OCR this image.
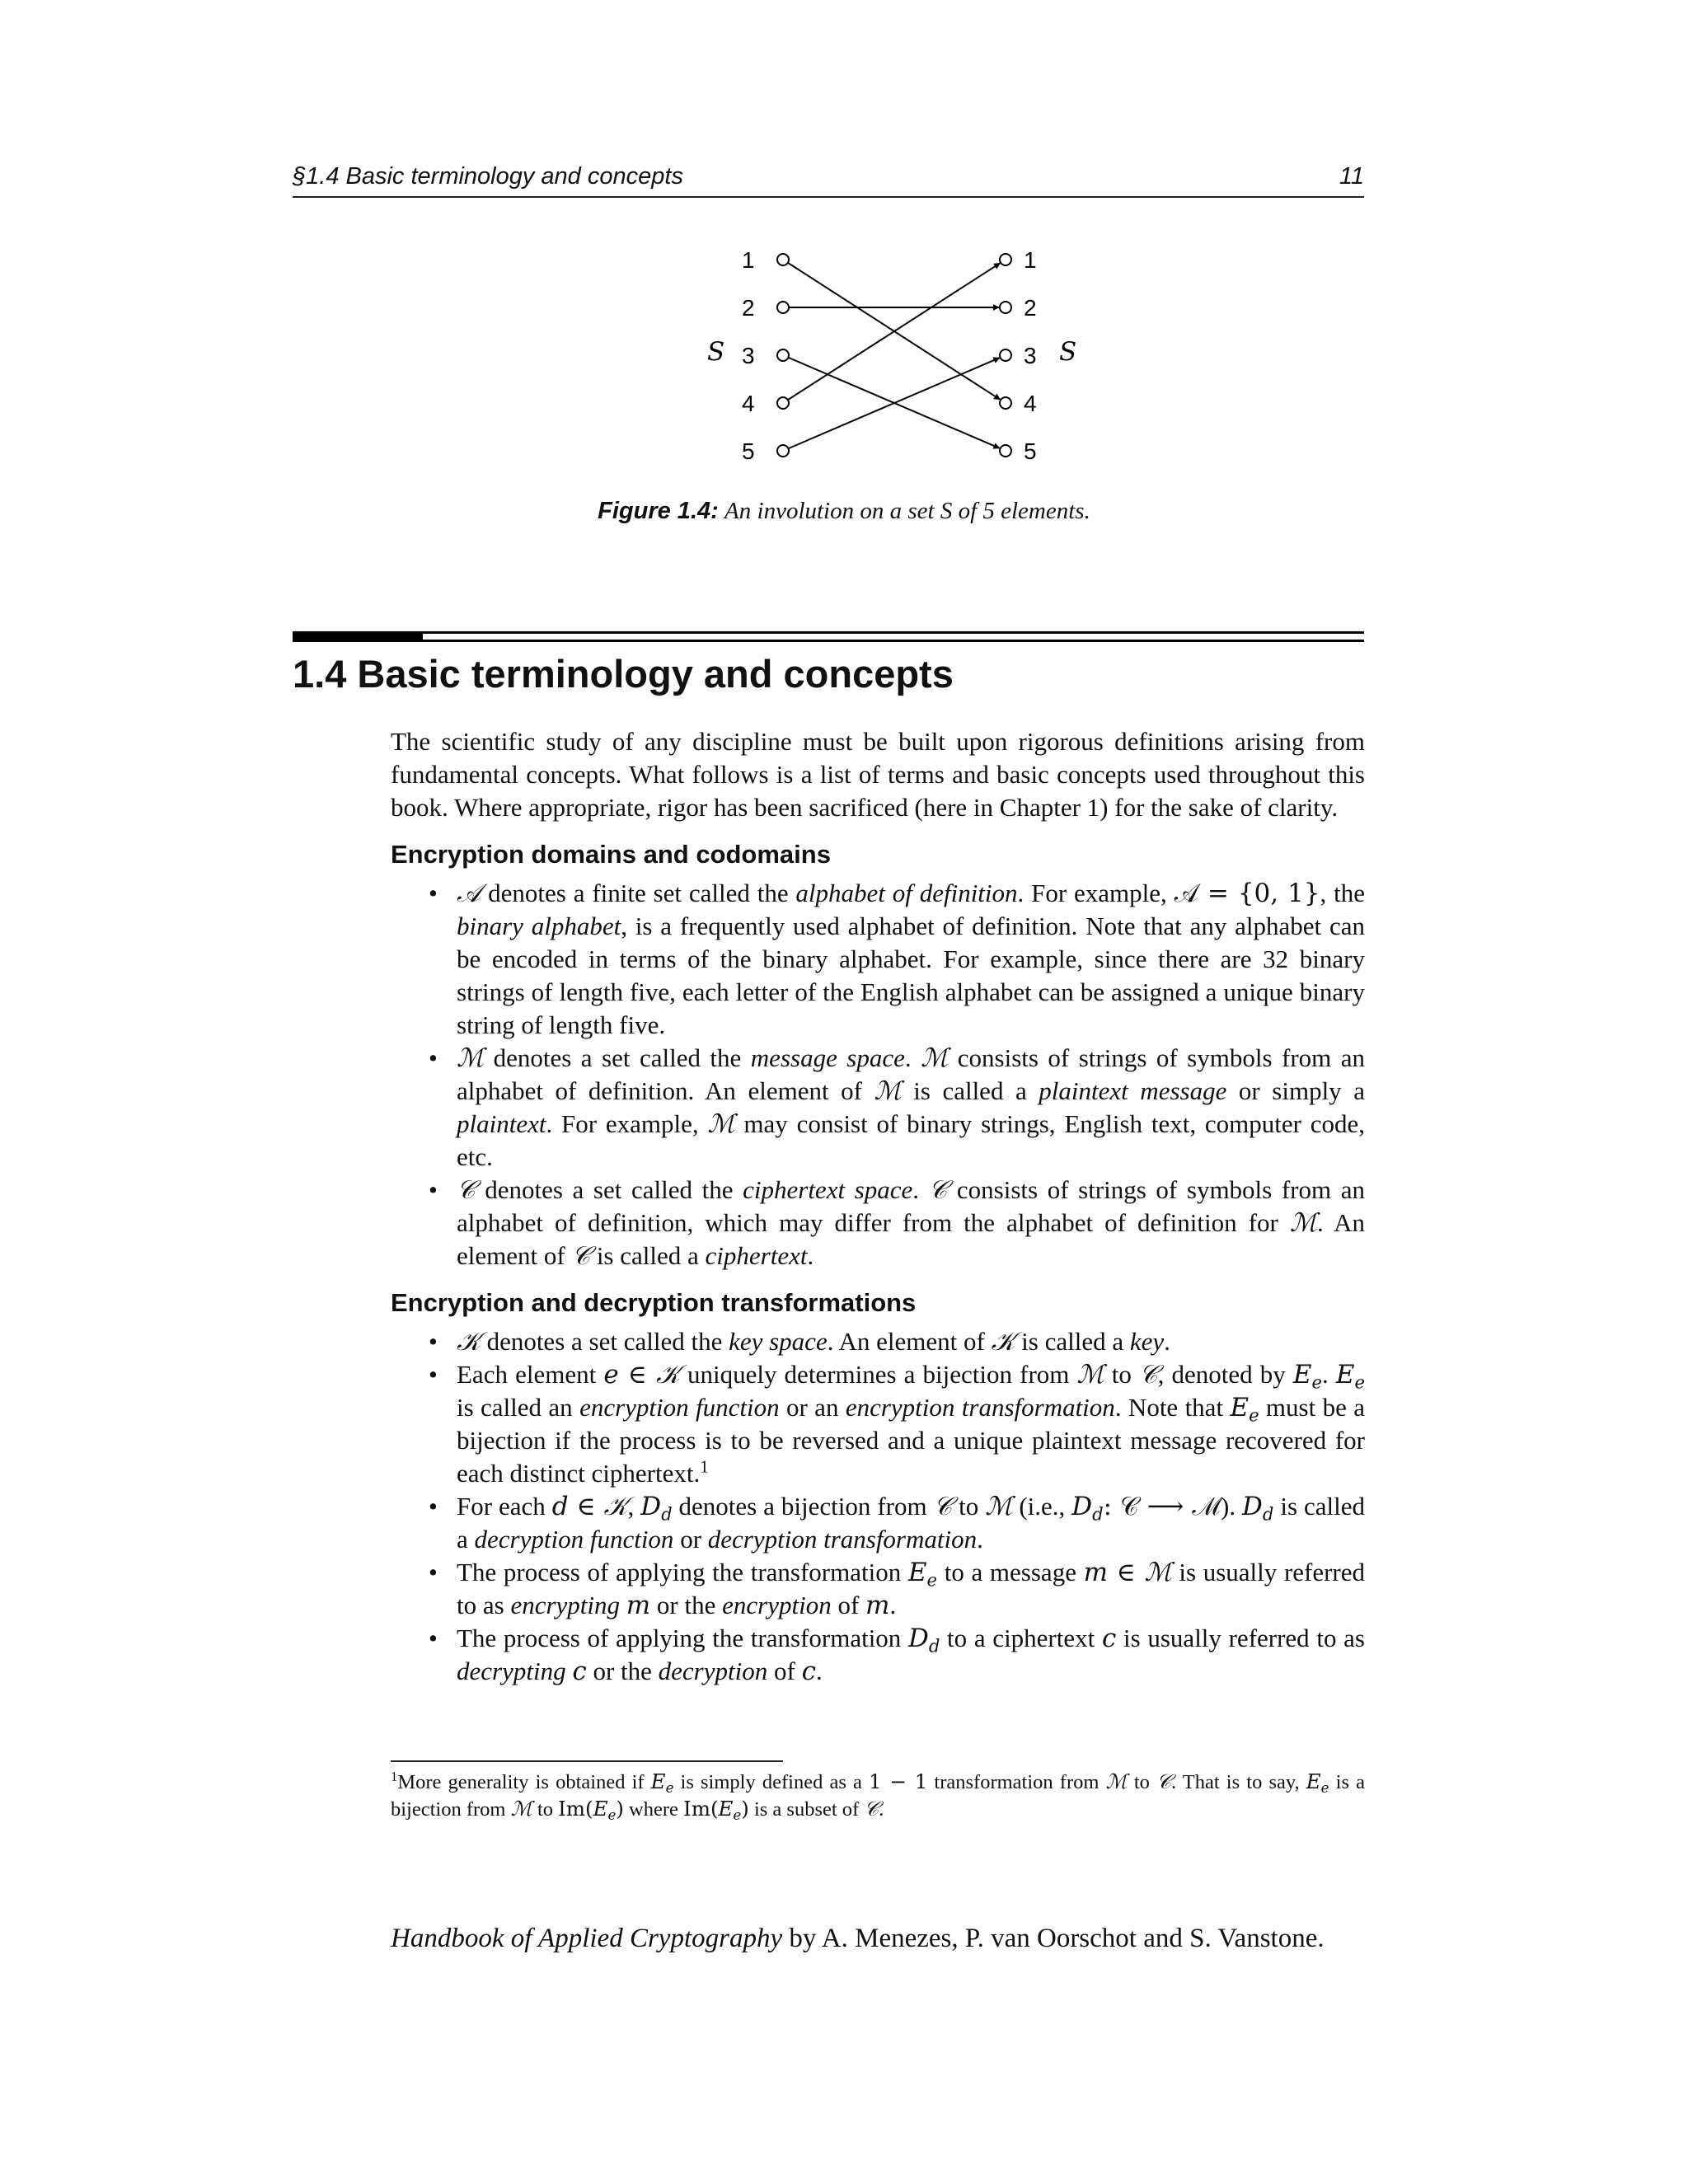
§1.4 Basic terminology and concepts	11
1
2
3
4
5
1
2
3
4
5
S	S
Figure 1.4: An involution on a set S of 5 elements.
1.4 Basic terminology and concepts

The scientific study of any discipline must be built upon rigorous definitions arising from fundamental concepts. What follows is a list of terms and basic concepts used throughout this book. Where appropriate, rigor has been sacrificed (here in Chapter 1) for the sake of clarity.

Encryption domains and codomains
• 𝒜 denotes a finite set called the alphabet of definition. For example, 𝒜 = {0, 1}, the binary alphabet, is a frequently used alphabet of definition. Note that any alphabet can be encoded in terms of the binary alphabet. For example, since there are 32 binary strings of length five, each letter of the English alphabet can be assigned a unique binary string of length five.
• ℳ denotes a set called the message space. ℳ consists of strings of symbols from an alphabet of definition. An element of ℳ is called a plaintext message or simply a plaintext. For example, ℳ may consist of binary strings, English text, computer code, etc.
• 𝒞 denotes a set called the ciphertext space. 𝒞 consists of strings of symbols from an alphabet of definition, which may differ from the alphabet of definition for ℳ. An element of 𝒞 is called a ciphertext.
Encryption and decryption transformations
• 𝒦 denotes a set called the key space. An element of 𝒦 is called a key.
• Each element e ∈ 𝒦 uniquely determines a bijection from ℳ to 𝒞, denoted by $E_e$. $E_e$ is called an encryption function or an encryption transformation. Note that $E_e$ must be a bijection if the process is to be reversed and a unique plaintext message recovered for each distinct ciphertext.$^1$
• For each d ∈ 𝒦, $D_d$ denotes a bijection from 𝒞 to ℳ (i.e., $D_d$: 𝒞 ⟶ ℳ). $D_d$ is called a decryption function or decryption transformation.
• The process of applying the transformation $E_e$ to a message m ∈ ℳ is usually referred to as encrypting m or the encryption of m.
• The process of applying the transformation $D_d$ to a ciphertext c is usually referred to as decrypting c or the decryption of c.
$^1$More generality is obtained if $E_e$ is simply defined as a 1 − 1 transformation from ℳ to 𝒞. That is to say, $E_e$ is a bijection from ℳ to $Im(E_e)$ where $Im(E_e)$ is a subset of 𝒞.
Handbook of Applied Cryptography by A. Menezes, P. van Oorschot and S. Vanstone.
